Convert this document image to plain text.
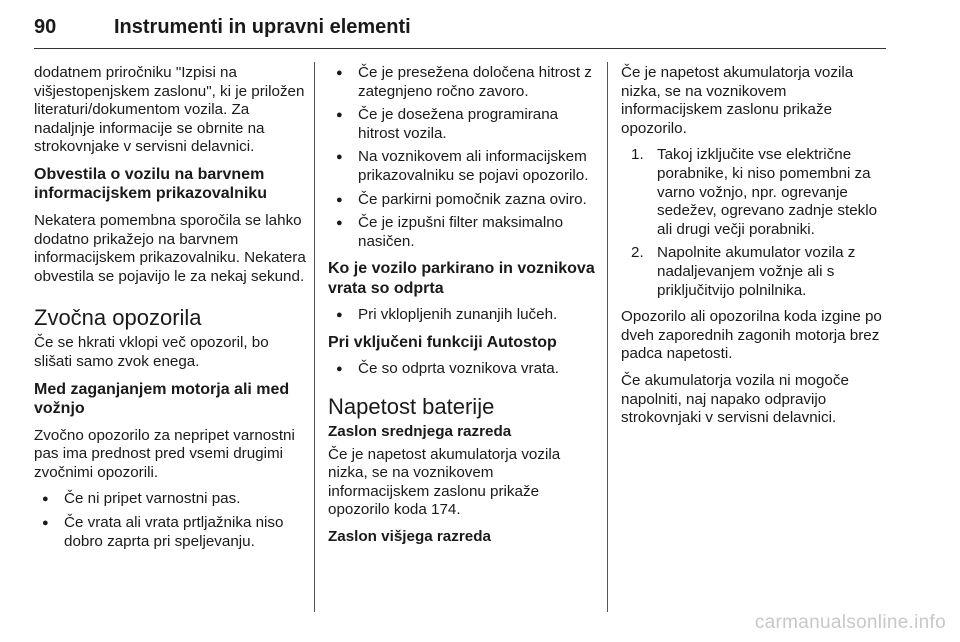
90	Instrumenti in upravni elementi

dodatnem priročniku "Izpisi na višjestopenjskem zaslonu", ki je priložen literaturi/dokumentom vozila. Za nadaljnje informacije se obrnite na strokovnjake v servisni delavnici.

Obvestila o vozilu na barvnem informacijskem prikazovalniku

Nekatera pomembna sporočila se lahko dodatno prikažejo na barvnem informacijskem prikazovalniku. Nekatera obvestila se pojavijo le za nekaj sekund.

Zvočna opozorila

Če se hkrati vklopi več opozoril, bo slišati samo zvok enega.

Med zaganjanjem motorja ali med vožnjo

Zvočno opozorilo za nepripet varnostni pas ima prednost pred vsemi drugimi zvočnimi opozorili.

● Če ni pripet varnostni pas.
● Če vrata ali vrata prtljažnika niso dobro zaprta pri speljevanju.
● Če je presežena določena hitrost z zategnjeno ročno zavoro.
● Če je dosežena programirana hitrost vozila.
● Na voznikovem ali informacijskem prikazovalniku se pojavi opozorilo.
● Če parkirni pomočnik zazna oviro.
● Če je izpušni filter maksimalno nasičen.
Ko je vozilo parkirano in voznikova vrata so odprta
● Pri vklopljenih zunanjih lučeh.
Pri vključeni funkciji Autostop
● Če so odprta voznikova vrata.
Napetost baterije
Zaslon srednjega razreda

Če je napetost akumulatorja vozila nizka, se na voznikovem informacijskem zaslonu prikaže opozorilo koda 174.

Zaslon višjega razreda

Če je napetost akumulatorja vozila nizka, se na voznikovem informacijskem zaslonu prikaže opozorilo.

1. Takoj izključite vse električne porabnike, ki niso pomembni za varno vožnjo, npr. ogrevanje sedežev, ogrevano zadnje steklo ali drugi večji porabniki.
2. Napolnite akumulator vozila z nadaljevanjem vožnje ali s priključitvijo polnilnika.

Opozorilo ali opozorilna koda izgine po dveh zaporednih zagonih motorja brez padca napetosti.

Če akumulatorja vozila ni mogoče napolniti, naj napako odpravijo strokovnjaki v servisni delavnici.

carmanualsonline.info
